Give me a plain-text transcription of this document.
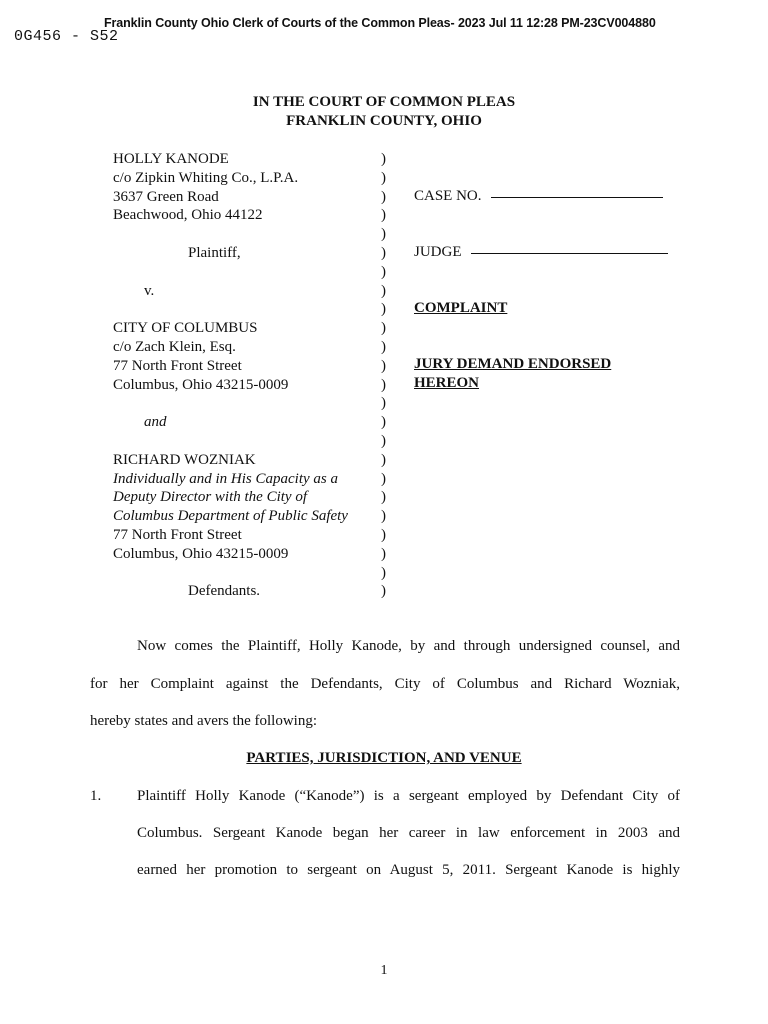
Franklin County Ohio Clerk of Courts of the Common Pleas- 2023 Jul 11 12:28 PM-23CV004880
0G456 - S52
IN THE COURT OF COMMON PLEAS
FRANKLIN COUNTY, OHIO
HOLLY KANODE
c/o Zipkin Whiting Co., L.P.A.
3637 Green Road
Beachwood, Ohio 44122
Plaintiff,
v.
CITY OF COLUMBUS
c/o Zach Klein, Esq.
77 North Front Street
Columbus, Ohio 43215-0009
and
RICHARD WOZNIAK
Individually and in His Capacity as a
Deputy Director with the City of
Columbus Department of Public Safety
77 North Front Street
Columbus, Ohio 43215-0009
Defendants.
)
)
)
)
)
)
)
)
)
)
)
)
)
)
)
)
)
)
)
)
)
)
)
)
CASE NO.
JUDGE
COMPLAINT
JURY DEMAND ENDORSED
HEREON
Now comes the Plaintiff, Holly Kanode, by and through undersigned counsel, and
for her Complaint against the Defendants, City of Columbus and Richard Wozniak,
hereby states and avers the following:
PARTIES, JURISDICTION, AND VENUE
1. Plaintiff Holly Kanode (“Kanode”) is a sergeant employed by Defendant City of
Columbus. Sergeant Kanode began her career in law enforcement in 2003 and
earned her promotion to sergeant on August 5, 2011. Sergeant Kanode is highly
1
